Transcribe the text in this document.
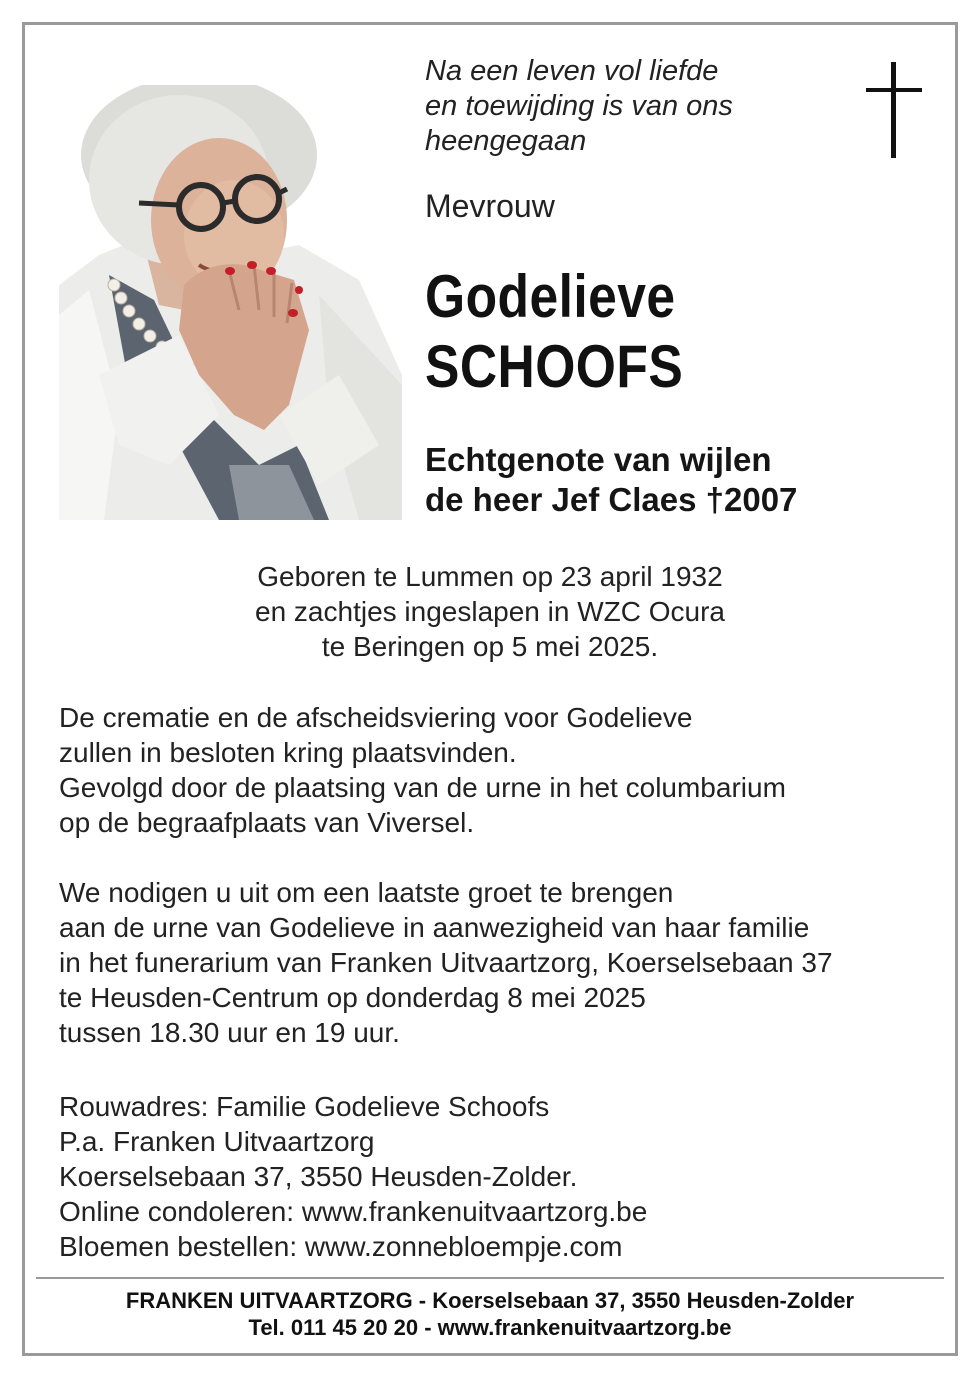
Na een leven vol liefde
en toewijding is van ons
heengegaan
Mevrouw
Godelieve
SCHOOFS
Echtgenote van wijlen
de heer Jef Claes †2007
Geboren te Lummen op 23 april 1932
en zachtjes ingeslapen in WZC Ocura
te Beringen op 5 mei 2025.
De crematie en de afscheidsviering voor Godelieve
zullen in besloten kring plaatsvinden.
Gevolgd door de plaatsing van de urne in het columbarium
op de begraafplaats van Viversel.
We nodigen u uit om een laatste groet te brengen
aan de urne van Godelieve in aanwezigheid van haar familie
in het funerarium van Franken Uitvaartzorg, Koerselsebaan 37
te Heusden-Centrum op donderdag 8 mei 2025
tussen 18.30 uur en 19 uur.
Rouwadres: Familie Godelieve Schoofs
P.a. Franken Uitvaartzorg
Koerselsebaan 37, 3550 Heusden-Zolder.
Online condoleren: www.frankenuitvaartzorg.be
Bloemen bestellen: www.zonnebloempje.com
FRANKEN UITVAARTZORG - Koerselsebaan 37, 3550 Heusden-Zolder
Tel. 011 45 20 20 - www.frankenuitvaartzorg.be
